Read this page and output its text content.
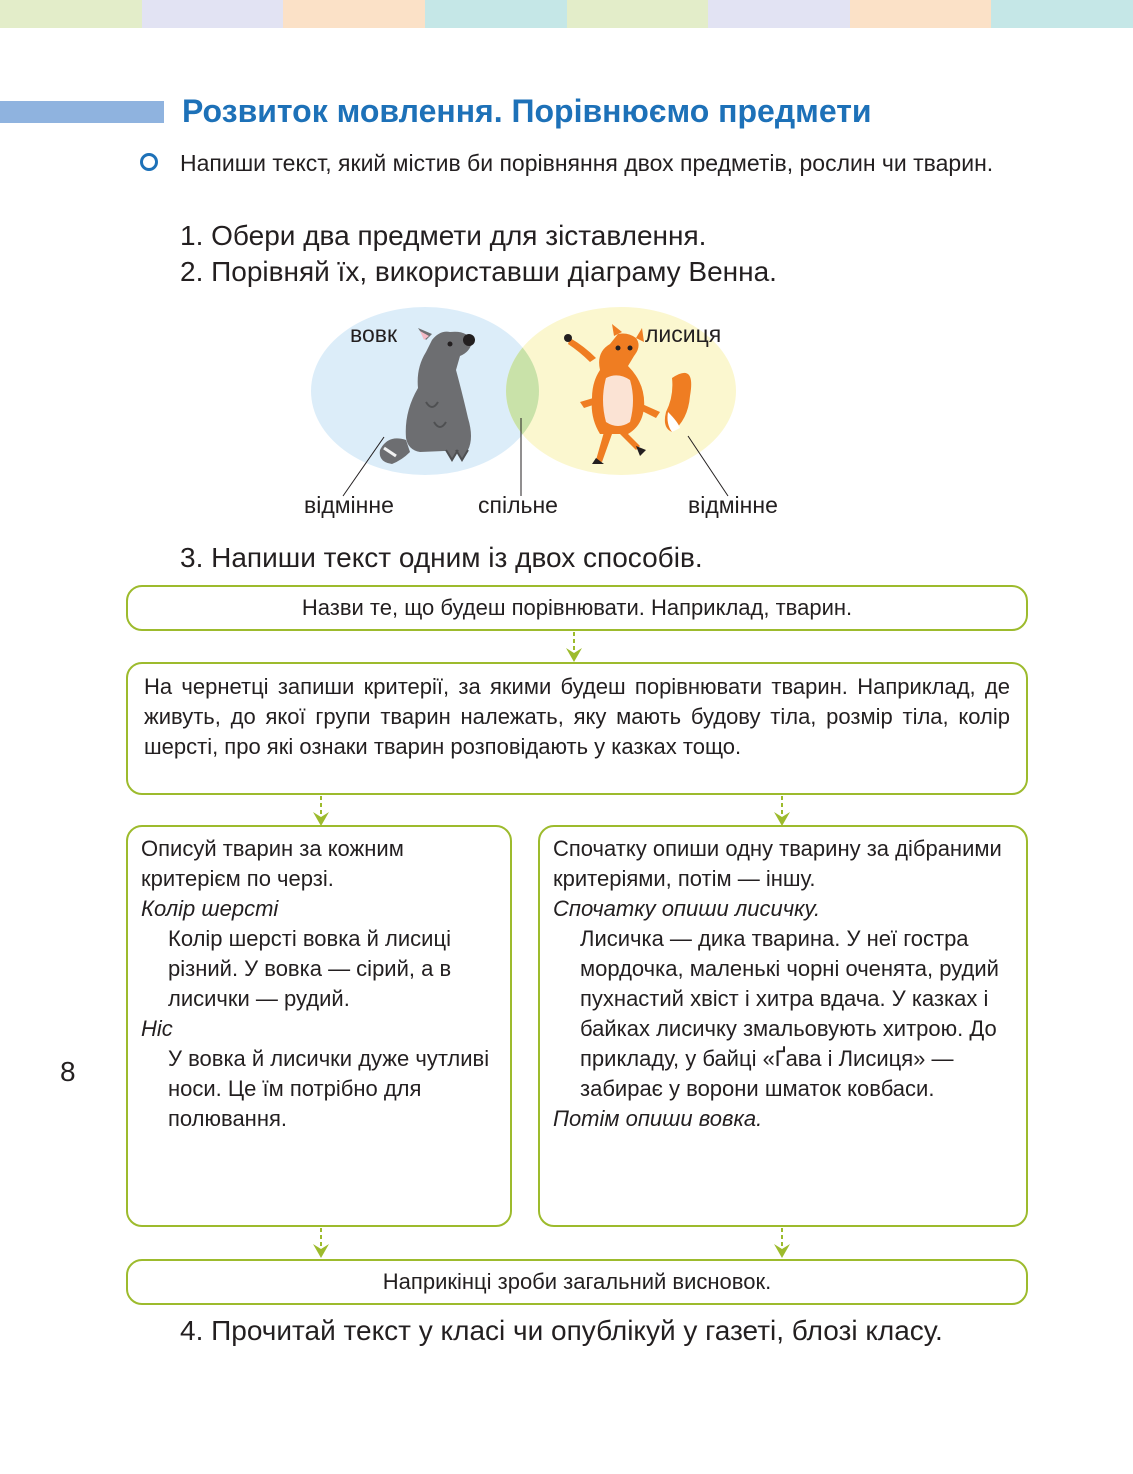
Розвиток мовлення. Порівнюємо предмети
Напиши текст, який містив би порівняння двох предметів, рослин чи тварин.
1. Обери два предмети для зіставлення.
2. Порівняй їх, використавши діаграму Венна.
вовк	лисиця
відмінне	спільне	відмінне
3. Напиши текст одним із двох способів.
Назви те, що будеш порівнювати. Наприклад, тварин.
На чернетці запиши критерії, за якими будеш порівнювати тварин. Наприклад, де живуть, до якої групи тварин належать, яку мають будову тіла, розмір тіла, колір шерсті, про які ознаки тварин розповідають у казках тощо.
Описуй тварин за кожним критерієм по черзі.
Колір шерсті
Колір шерсті вовка й лисиці різний. У вовка — сірий, а в лисички — рудий.
Ніс
У вовка й лисички дуже чутливі носи. Це їм потрібно для полювання.
Спочатку опиши одну тварину за дібраними критеріями, потім — іншу.
Спочатку опиши лисичку.
Лисичка — дика тварина. У неї гостра мордочка, маленькі чорні оченята, рудий пухнастий хвіст і хитра вдача. У казках і байках лисичку змальовують хитрою. До прикладу, у байці «Ґава і Лисиця» — забирає у ворони шматок ковбаси.
Потім опиши вовка.
Наприкінці зроби загальний висновок.
4. Прочитай текст у класі чи опублікуй у газеті, блозі класу.
8
